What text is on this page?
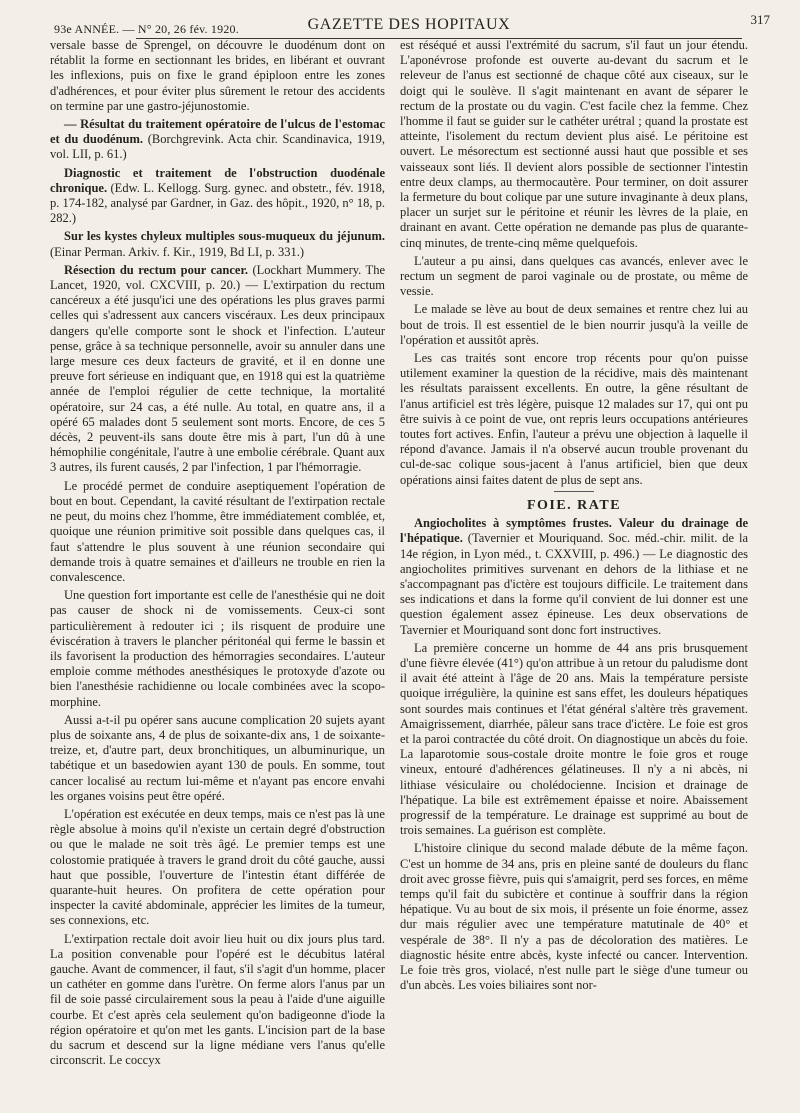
93e ANNÉE. — N° 20, 26 fév. 1920.	GAZETTE DES HOPITAUX	317

versale basse de Sprengel, on découvre le duodénum dont on rétablit la forme en sectionnant les brides, en libérant et ouvrant les inflexions, puis on fixe le grand épiploon entre les zones d'adhérences, et pour éviter plus sûrement le retour des accidents on termine par une gastro-jéjunostomie.

— Résultat du traitement opératoire de l'ulcus de l'estomac et du duodénum. (Borchgrevink. Acta chir. Scandinavica, 1919, vol. LII, p. 61.)

Diagnostic et traitement de l'obstruction duodénale chronique. (Edw. L. Kellogg. Surg. gynec. and obstetr., fév. 1918, p. 174-182, analysé par Gardner, in Gaz. des hôpit., 1920, n° 18, p. 282.)

Sur les kystes chyleux multiples sous-muqueux du jéjunum. (Einar Perman. Arkiv. f. Kir., 1919, Bd LI, p. 331.)

Résection du rectum pour cancer. (Lockhart Mummery. The Lancet, 1920, vol. CXCVIII, p. 20.) — L'extirpation du rectum cancéreux a été jusqu'ici une des opérations les plus graves parmi celles qui s'adressent aux cancers viscéraux. Les deux principaux dangers qu'elle comporte sont le shock et l'infection. L'auteur pense, grâce à sa technique personnelle, avoir su annuler dans une large mesure ces deux facteurs de gravité, et il en donne une preuve fort sérieuse en indiquant que, en 1918 qui est la quatrième année de l'emploi régulier de cette technique, la mortalité opératoire, sur 24 cas, a été nulle. Au total, en quatre ans, il a opéré 65 malades dont 5 seulement sont morts. Encore, de ces 5 décès, 2 peuvent-ils sans doute être mis à part, l'un dû à une hémophilie congénitale, l'autre à une embolie cérébrale. Quant aux 3 autres, ils furent causés, 2 par l'infection, 1 par l'hémorragie.

Le procédé permet de conduire aseptiquement l'opération de bout en bout. Cependant, la cavité résultant de l'extirpation rectale ne peut, du moins chez l'homme, être immédiatement comblée, et, quoique une réunion primitive soit possible dans quelques cas, il faut s'attendre le plus souvent à une réunion secondaire qui demande trois à quatre semaines et d'ailleurs ne trouble en rien la convalescence.

Une question fort importante est celle de l'anesthésie qui ne doit pas causer de shock ni de vomissements. Ceux-ci sont particulièrement à redouter ici ; ils risquent de produire une éviscération à travers le plancher péritonéal qui ferme le bassin et ils favorisent la production des hémorragies secondaires. L'auteur emploie comme méthodes anesthésiques le protoxyde d'azote ou bien l'anesthésie rachidienne ou locale combinées avec la scopo-morphine.

Aussi a-t-il pu opérer sans aucune complication 20 sujets ayant plus de soixante ans, 4 de plus de soixante-dix ans, 1 de soixante-treize, et, d'autre part, deux bronchitiques, un albuminurique, un tabétique et un basedowien ayant 130 de pouls. En somme, tout cancer localisé au rectum lui-même et n'ayant pas encore envahi les organes voisins peut être opéré.

L'opération est exécutée en deux temps, mais ce n'est pas là une règle absolue à moins qu'il n'existe un certain degré d'obstruction ou que le malade ne soit très âgé. Le premier temps est une colostomie pratiquée à travers le grand droit du côté gauche, aussi haut que possible, l'ouverture de l'intestin étant différée de quarante-huit heures. On profitera de cette opération pour inspecter la cavité abdominale, apprécier les limites de la tumeur, ses connexions, etc.

L'extirpation rectale doit avoir lieu huit ou dix jours plus tard. La position convenable pour l'opéré est le décubitus latéral gauche. Avant de commencer, il faut, s'il s'agit d'un homme, placer un cathéter en gomme dans l'urètre. On ferme alors l'anus par un fil de soie passé circulairement sous la peau à l'aide d'une aiguille courbe. Et c'est après cela seulement qu'on badigeonne d'iode la région opératoire et qu'on met les gants. L'incision part de la base du sacrum et descend sur la ligne médiane vers l'anus qu'elle circonscrit. Le coccyx

est réséqué et aussi l'extrémité du sacrum, s'il faut un jour étendu. L'aponévrose profonde est ouverte au-devant du sacrum et le releveur de l'anus est sectionné de chaque côté aux ciseaux, sur le doigt qui le soulève. Il s'agit maintenant en avant de séparer le rectum de la prostate ou du vagin. C'est facile chez la femme. Chez l'homme il faut se guider sur le cathéter urétral ; quand la prostate est atteinte, l'isolement du rectum devient plus aisé. Le péritoine est ouvert. Le mésorectum est sectionné aussi haut que possible et ses vaisseaux sont liés. Il devient alors possible de sectionner l'intestin entre deux clamps, au thermocautère. Pour terminer, on doit assurer la fermeture du bout colique par une suture invaginante à deux plans, placer un surjet sur le péritoine et réunir les lèvres de la plaie, en drainant en avant. Cette opération ne demande pas plus de quarante-cinq minutes, de trente-cinq même quelquefois.

L'auteur a pu ainsi, dans quelques cas avancés, enlever avec le rectum un segment de paroi vaginale ou de prostate, ou même de vessie.

Le malade se lève au bout de deux semaines et rentre chez lui au bout de trois. Il est essentiel de le bien nourrir jusqu'à la veille de l'opération et aussitôt après.

Les cas traités sont encore trop récents pour qu'on puisse utilement examiner la question de la récidive, mais dès maintenant les résultats paraissent excellents. En outre, la gêne résultant de l'anus artificiel est très légère, puisque 12 malades sur 17, qui ont pu être suivis à ce point de vue, ont repris leurs occupations antérieures toutes fort actives. Enfin, l'auteur a prévu une objection à laquelle il répond d'avance. Jamais il n'a observé aucun trouble provenant du cul-de-sac colique sous-jacent à l'anus artificiel, bien que deux opérations ainsi faites datent de plus de sept ans.

FOIE. RATE

Angiocholites à symptômes frustes. Valeur du drainage de l'hépatique. (Tavernier et Mouriquand. Soc. méd.-chir. milit. de la 14e région, in Lyon méd., t. CXXVIII, p. 496.) — Le diagnostic des angiocholites primitives survenant en dehors de la lithiase et ne s'accompagnant pas d'ictère est toujours difficile. Le traitement dans ses indications et dans la forme qu'il convient de lui donner est une question également assez épineuse. Les deux observations de Tavernier et Mouriquand sont donc fort instructives.

La première concerne un homme de 44 ans pris brusquement d'une fièvre élevée (41°) qu'on attribue à un retour du paludisme dont il avait été atteint à l'âge de 20 ans. Mais la température persiste quoique irrégulière, la quinine est sans effet, les douleurs hépatiques sont sourdes mais continues et l'état général s'altère très gravement. Amaigrissement, diarrhée, pâleur sans trace d'ictère. Le foie est gros et la paroi contractée du côté droit. On diagnostique un abcès du foie. La laparotomie sous-costale droite montre le foie gros et rouge vineux, entouré d'adhérences gélatineuses. Il n'y a ni abcès, ni lithiase vésiculaire ou cholédocienne. Incision et drainage de l'hépatique. La bile est extrêmement épaisse et noire. Abaissement progressif de la température. Le drainage est supprimé au bout de trois semaines. La guérison est complète.

L'histoire clinique du second malade débute de la même façon. C'est un homme de 34 ans, pris en pleine santé de douleurs du flanc droit avec grosse fièvre, puis qui s'amaigrit, perd ses forces, en même temps qu'il fait du subictère et continue à souffrir dans la région hépatique. Vu au bout de six mois, il présente un foie énorme, assez dur mais régulier avec une température matutinale de 40° et vespérale de 38°. Il n'y a pas de décoloration des matières. Le diagnostic hésite entre abcès, kyste infecté ou cancer. Intervention. Le foie très gros, violacé, n'est nulle part le siège d'une tumeur ou d'un abcès. Les voies biliaires sont nor-
